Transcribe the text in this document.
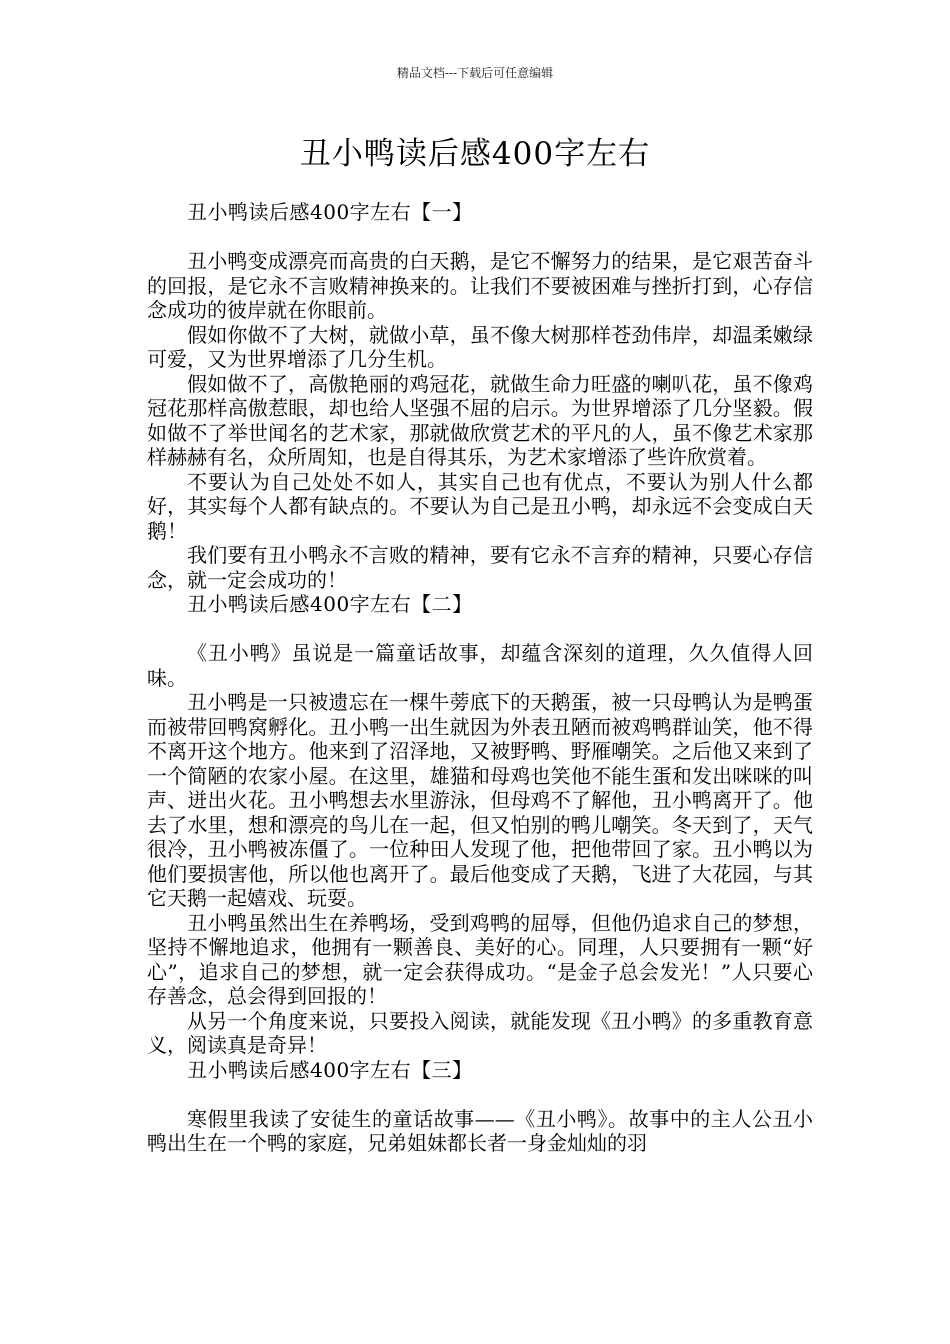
精品文档---下载后可任意编辑
丑小鸭读后感400字左右

丑小鸭读后感400字左右【一】

丑小鸭变成漂亮而高贵的白天鹅，是它不懈努力的结果，是它艰苦奋斗的回报，是它永不言败精神换来的。让我们不要被困难与挫折打到，心存信念成功的彼岸就在你眼前。

假如你做不了大树，就做小草，虽不像大树那样苍劲伟岸，却温柔嫩绿可爱，又为世界增添了几分生机。

假如做不了，高傲艳丽的鸡冠花，就做生命力旺盛的喇叭花，虽不像鸡冠花那样高傲惹眼，却也给人坚强不屈的启示。为世界增添了几分坚毅。假如做不了举世闻名的艺术家，那就做欣赏艺术的平凡的人，虽不像艺术家那样赫赫有名，众所周知，也是自得其乐，为艺术家增添了些许欣赏着。

不要认为自己处处不如人，其实自己也有优点，不要认为别人什么都好，其实每个人都有缺点的。不要认为自己是丑小鸭，却永远不会变成白天鹅！

我们要有丑小鸭永不言败的精神，要有它永不言弃的精神，只要心存信念，就一定会成功的！

丑小鸭读后感400字左右【二】

《丑小鸭》虽说是一篇童话故事，却蕴含深刻的道理，久久值得人回味。

丑小鸭是一只被遗忘在一棵牛蒡底下的天鹅蛋，被一只母鸭认为是鸭蛋而被带回鸭窝孵化。丑小鸭一出生就因为外表丑陋而被鸡鸭群讪笑，他不得不离开这个地方。他来到了沼泽地，又被野鸭、野雁嘲笑。之后他又来到了一个简陋的农家小屋。在这里，雄猫和母鸡也笑他不能生蛋和发出咪咪的叫声、迸出火花。丑小鸭想去水里游泳，但母鸡不了解他，丑小鸭离开了。他去了水里，想和漂亮的鸟儿在一起，但又怕别的鸭儿嘲笑。冬天到了，天气很冷，丑小鸭被冻僵了。一位种田人发现了他，把他带回了家。丑小鸭以为他们要损害他，所以他也离开了。最后他变成了天鹅，飞进了大花园，与其它天鹅一起嬉戏、玩耍。

丑小鸭虽然出生在养鸭场，受到鸡鸭的屈辱，但他仍追求自己的梦想，坚持不懈地追求，他拥有一颗善良、美好的心。同理，人只要拥有一颗“好心”，追求自己的梦想，就一定会获得成功。“是金子总会发光！”人只要心存善念，总会得到回报的！

从另一个角度来说，只要投入阅读，就能发现《丑小鸭》的多重教育意义，阅读真是奇异！

丑小鸭读后感400字左右【三】

寒假里我读了安徒生的童话故事——《丑小鸭》。故事中的主人公丑小鸭出生在一个鸭的家庭，兄弟姐妹都长者一身金灿灿的羽
